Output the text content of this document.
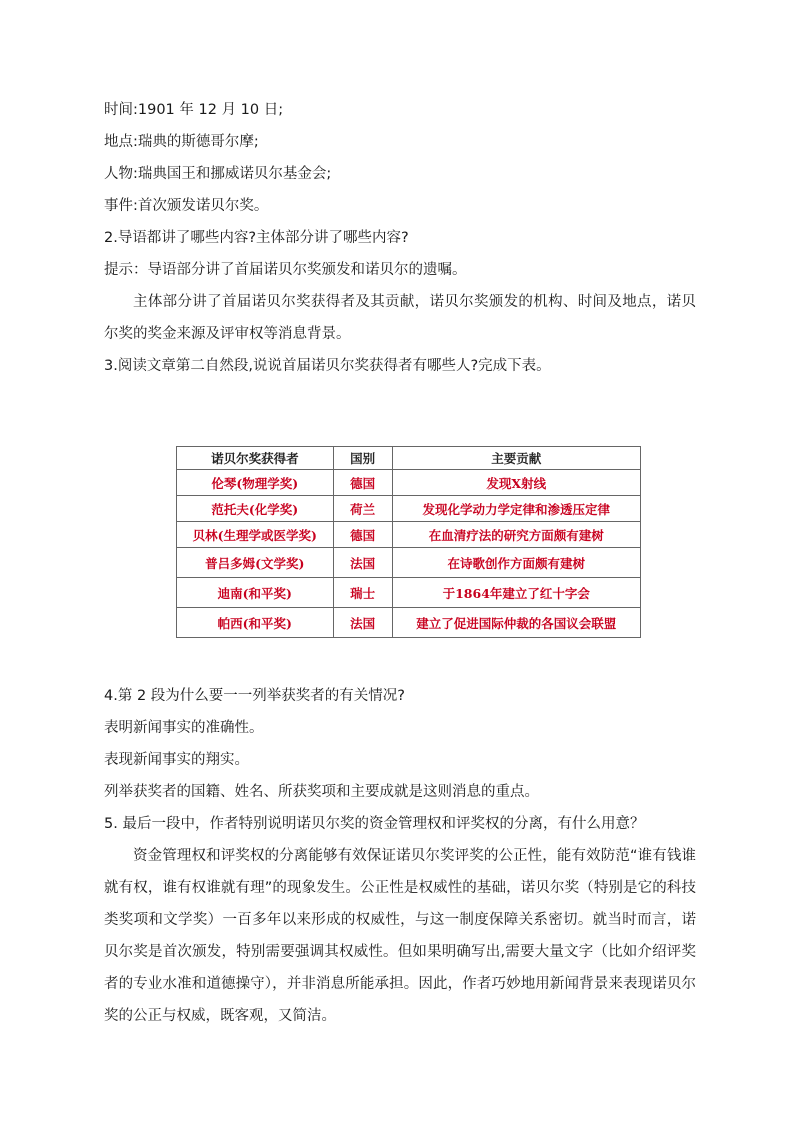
时间:1901 年 12 月 10 日;
地点:瑞典的斯德哥尔摩;
人物:瑞典国王和挪威诺贝尔基金会;
事件:首次颁发诺贝尔奖。
2.导语都讲了哪些内容?主体部分讲了哪些内容?
提示：导语部分讲了首届诺贝尔奖颁发和诺贝尔的遗嘱。

主体部分讲了首届诺贝尔奖获得者及其贡献，诺贝尔奖颁发的机构、时间及地点，诺贝尔奖的奖金来源及评审权等消息背景。

3.阅读文章第二自然段,说说首届诺贝尔奖获得者有哪些人?完成下表。
诺贝尔奖获得者	国别	主要贡献
伦琴(物理学奖)	德国	发现X射线
范托夫(化学奖)	荷兰	发现化学动力学定律和渗透压定律
贝林(生理学或医学奖)	德国	在血清疗法的研究方面颇有建树
普吕多姆(文学奖)	法国	在诗歌创作方面颇有建树
迪南(和平奖)	瑞士	于1864年建立了红十字会
帕西(和平奖)	法国	建立了促进国际仲裁的各国议会联盟
4.第 2 段为什么要一一列举获奖者的有关情况?
表明新闻事实的准确性。
表现新闻事实的翔实。
列举获奖者的国籍、姓名、所获奖项和主要成就是这则消息的重点。
5. 最后一段中，作者特别说明诺贝尔奖的资金管理权和评奖权的分离，有什么用意？

资金管理权和评奖权的分离能够有效保证诺贝尔奖评奖的公正性，能有效防范“谁有钱谁就有权，谁有权谁就有理”的现象发生。公正性是权威性的基础，诺贝尔奖（特别是它的科技类奖项和文学奖）一百多年以来形成的权威性，与这一制度保障关系密切。就当时而言，诺贝尔奖是首次颁发，特别需要强调其权威性。但如果明确写出,需要大量文字（比如介绍评奖者的专业水准和道德操守），并非消息所能承担。因此，作者巧妙地用新闻背景来表现诺贝尔奖的公正与权威，既客观，又简洁。
